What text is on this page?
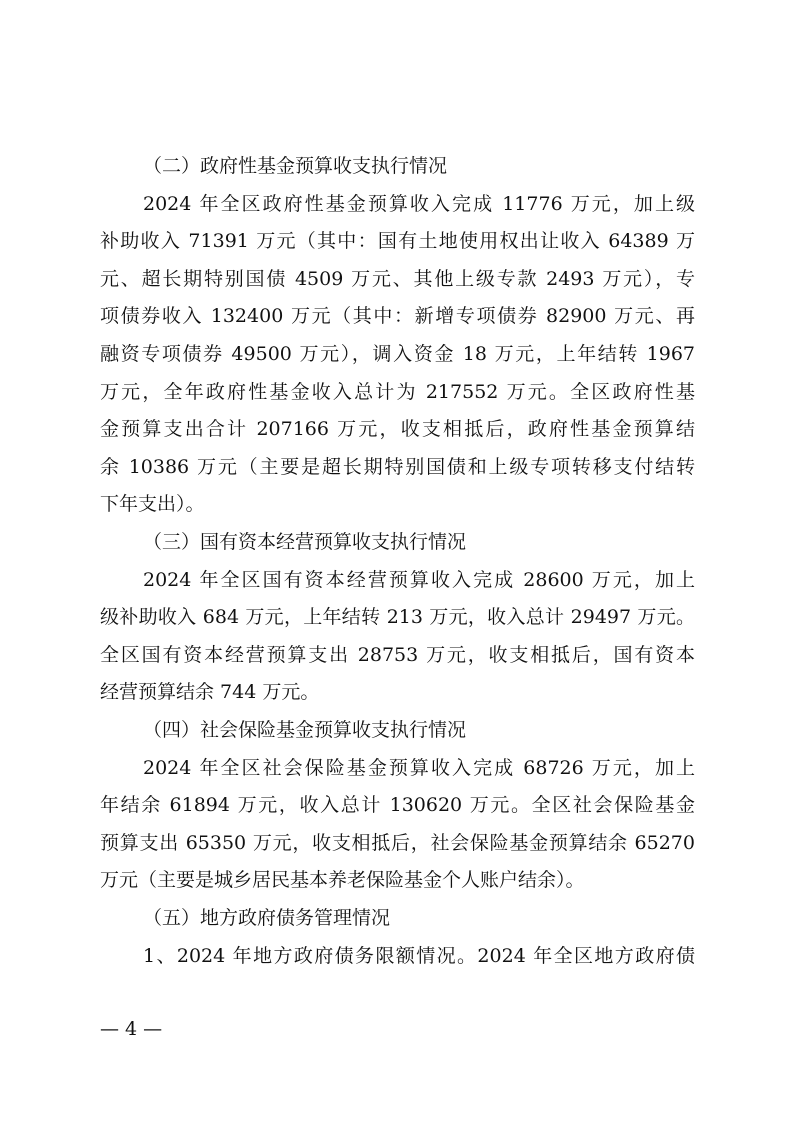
（二）政府性基金预算收支执行情况
2024 年全区政府性基金预算收入完成 11776 万元，加上级
补助收入 71391 万元（其中：国有土地使用权出让收入 64389 万
元、超长期特别国债 4509 万元、其他上级专款 2493 万元），专
项债券收入 132400 万元（其中：新增专项债券 82900 万元、再
融资专项债券 49500 万元），调入资金 18 万元，上年结转 1967
万元，全年政府性基金收入总计为 217552 万元。全区政府性基
金预算支出合计 207166 万元，收支相抵后，政府性基金预算结
余 10386 万元（主要是超长期特别国债和上级专项转移支付结转
下年支出）。
（三）国有资本经营预算收支执行情况
2024 年全区国有资本经营预算收入完成 28600 万元，加上
级补助收入 684 万元，上年结转 213 万元，收入总计 29497 万元。
全区国有资本经营预算支出 28753 万元，收支相抵后，国有资本
经营预算结余 744 万元。
（四）社会保险基金预算收支执行情况
2024 年全区社会保险基金预算收入完成 68726 万元，加上
年结余 61894 万元，收入总计 130620 万元。全区社会保险基金
预算支出 65350 万元，收支相抵后，社会保险基金预算结余 65270
万元（主要是城乡居民基本养老保险基金个人账户结余）。
（五）地方政府债务管理情况
1、2024 年地方政府债务限额情况。2024 年全区地方政府债
— 4 —
